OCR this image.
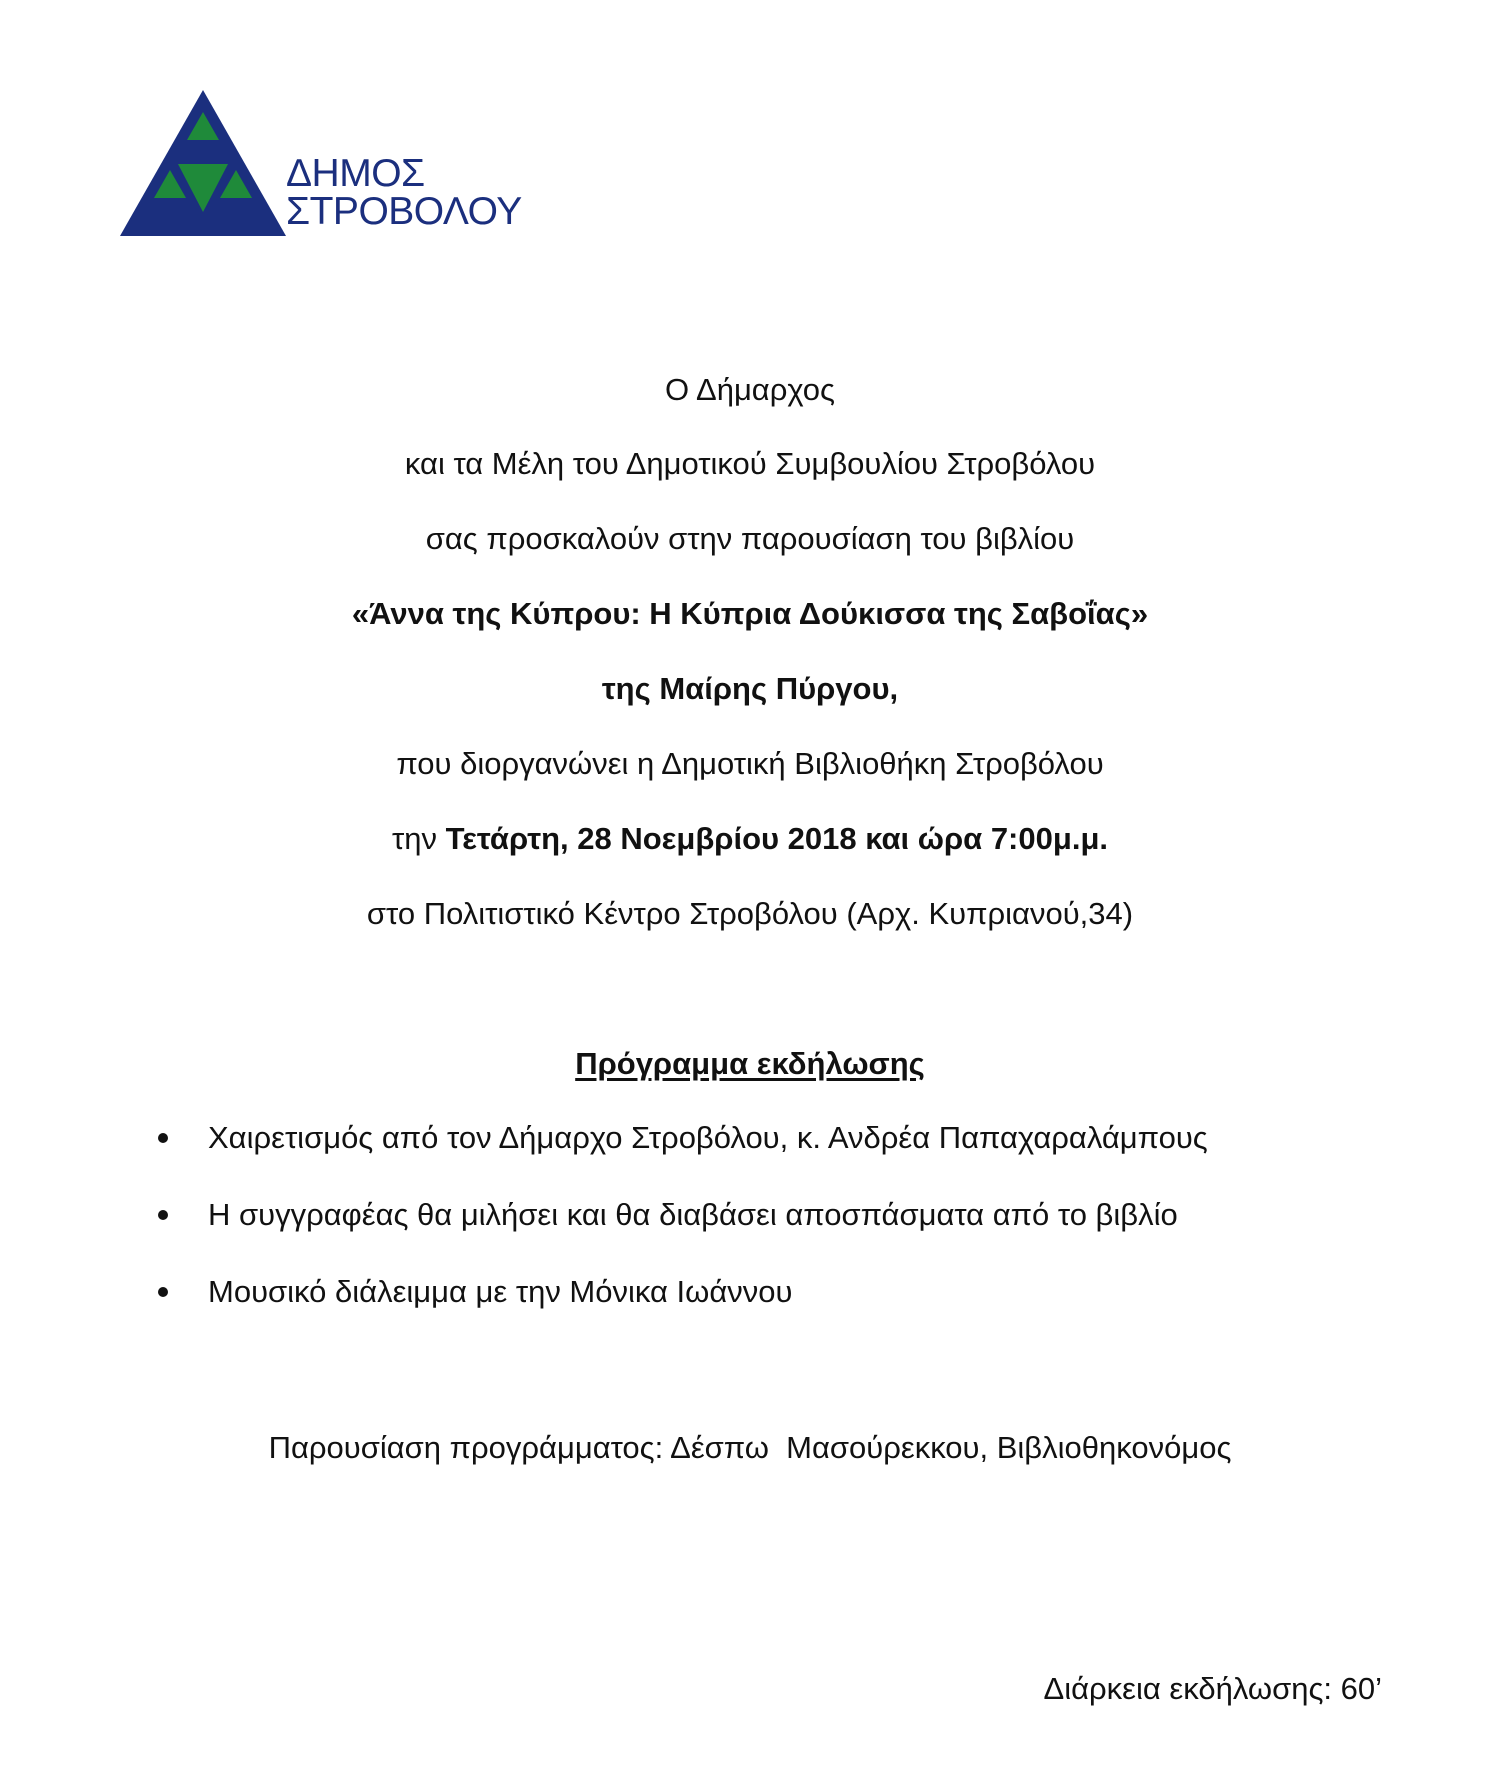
ΔΗΜΟΣ
ΣΤΡΟΒΟΛΟΥ
Ο Δήμαρχος
και τα Μέλη του Δημοτικού Συμβουλίου Στροβόλου
σας προσκαλούν στην παρουσίαση του βιβλίου
«Άννα της Κύπρου: Η Κύπρια Δούκισσα της Σαβοΐας»
της Μαίρης Πύργου,
που διοργανώνει η Δημοτική Βιβλιοθήκη Στροβόλου
την Τετάρτη, 28 Νοεμβρίου 2018 και ώρα 7:00μ.μ.
στο Πολιτιστικό Κέντρο Στροβόλου (Αρχ. Κυπριανού,34)
Πρόγραμμα εκδήλωσης
Χαιρετισμός από τον Δήμαρχο Στροβόλου, κ. Ανδρέα Παπαχαραλάμπους
Η συγγραφέας θα μιλήσει και θα διαβάσει αποσπάσματα από το βιβλίο
Μουσικό διάλειμμα με την Μόνικα Ιωάννου
Παρουσίαση προγράμματος: Δέσπω  Μασούρεκκου, Βιβλιοθηκονόμος
Διάρκεια εκδήλωσης: 60’
